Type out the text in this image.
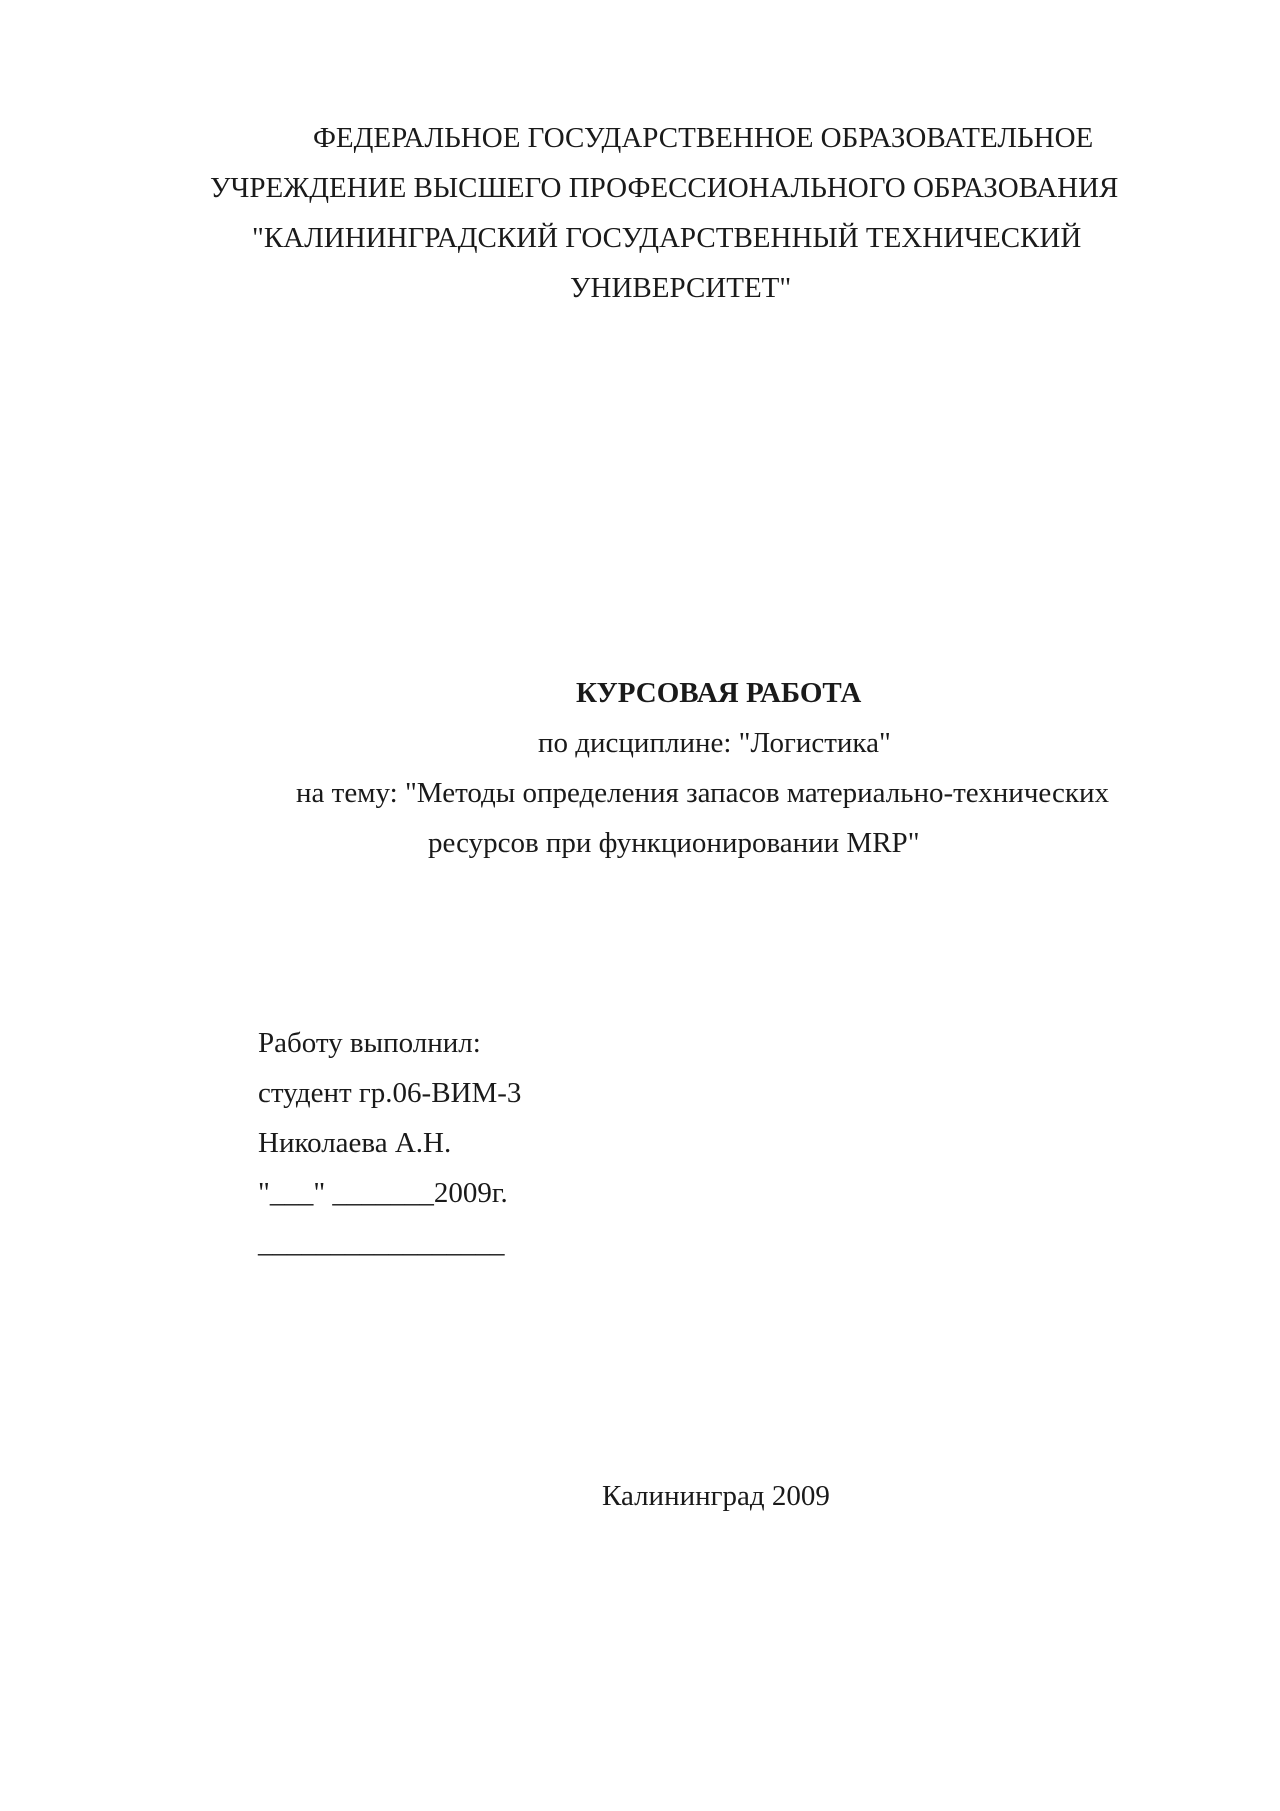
ФЕДЕРАЛЬНОЕ ГОСУДАРСТВЕННОЕ ОБРАЗОВАТЕЛЬНОЕ
УЧРЕЖДЕНИЕ ВЫСШЕГО ПРОФЕССИОНАЛЬНОГО ОБРАЗОВАНИЯ
"КАЛИНИНГРАДСКИЙ ГОСУДАРСТВЕННЫЙ ТЕХНИЧЕСКИЙ
УНИВЕРСИТЕТ"
КУРСОВАЯ РАБОТА
по дисциплине: "Логистика"
на тему: "Методы определения запасов материально-технических
ресурсов при функционировании MRP"
Работу выполнил:
студент гр.06-ВИМ-3
Николаева А.Н.
"___" _______2009г.
_________________
Калининград 2009
